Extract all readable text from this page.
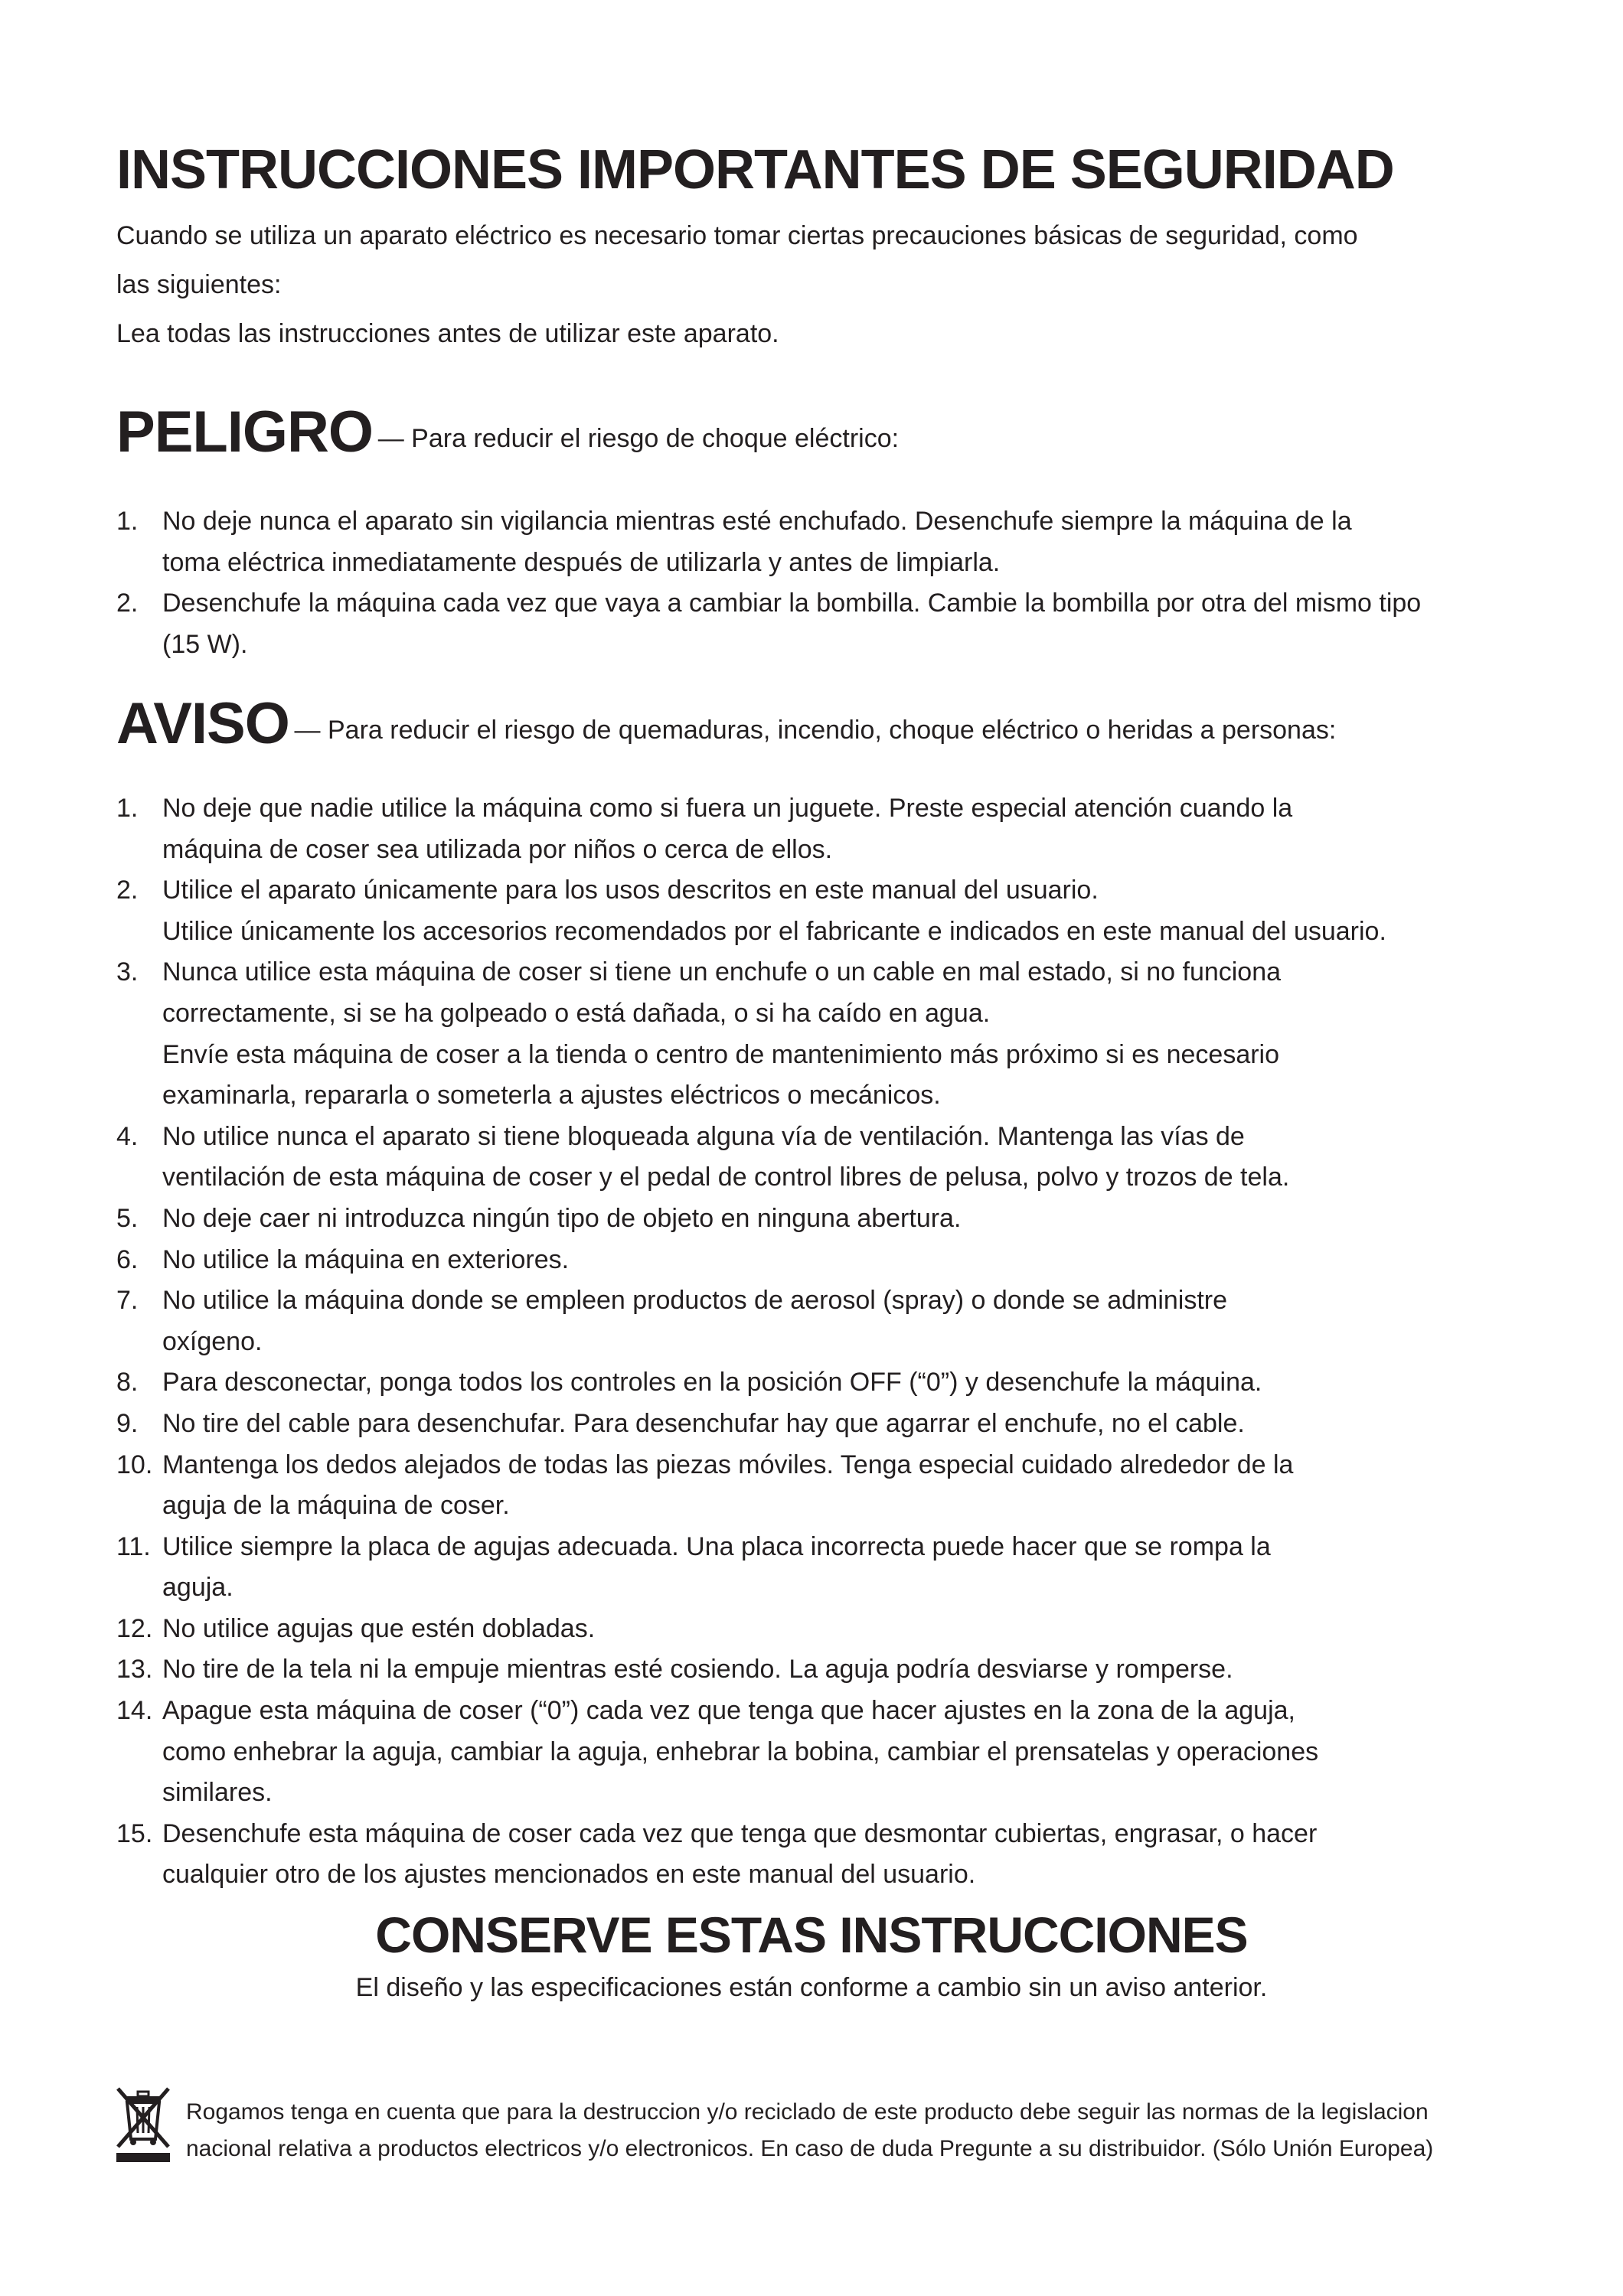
INSTRUCCIONES IMPORTANTES DE SEGURIDAD

Cuando se utiliza un aparato eléctrico es necesario tomar ciertas precauciones básicas de seguridad, como

las siguientes:

Lea todas las instrucciones antes de utilizar este aparato.

PELIGRO — Para reducir el riesgo de choque eléctrico:
1. No deje nunca el aparato sin vigilancia mientras esté enchufado. Desenchufe siempre la máquina de la
toma eléctrica inmediatamente después de utilizarla y antes de limpiarla.
2. Desenchufe la máquina cada vez que vaya a cambiar la bombilla. Cambie la bombilla por otra del mismo tipo
(15 W).
AVISO — Para reducir el riesgo de quemaduras, incendio, choque eléctrico o heridas a personas:
1. No deje que nadie utilice la máquina como si fuera un juguete. Preste especial atención cuando la
máquina de coser sea utilizada por niños o cerca de ellos.
2. Utilice el aparato únicamente para los usos descritos en este manual del usuario.
Utilice únicamente los accesorios recomendados por el fabricante e indicados en este manual del usuario.
3. Nunca utilice esta máquina de coser si tiene un enchufe o un cable en mal estado, si no funciona
correctamente, si se ha golpeado o está dañada, o si ha caído en agua.
Envíe esta máquina de coser a la tienda o centro de mantenimiento más próximo si es necesario
examinarla, repararla o someterla a ajustes eléctricos o mecánicos.
4. No utilice nunca el aparato si tiene bloqueada alguna vía de ventilación. Mantenga las vías de
ventilación de esta máquina de coser y el pedal de control libres de pelusa, polvo y trozos de tela.
5. No deje caer ni introduzca ningún tipo de objeto en ninguna abertura.
6. No utilice la máquina en exteriores.
7. No utilice la máquina donde se empleen productos de aerosol (spray) o donde se administre
oxígeno.
8. Para desconectar, ponga todos los controles en la posición OFF (“0”) y desenchufe la máquina.
9. No tire del cable para desenchufar. Para desenchufar hay que agarrar el enchufe, no el cable.
10. Mantenga los dedos alejados de todas las piezas móviles. Tenga especial cuidado alrededor de la
aguja de la máquina de coser.
11. Utilice siempre la placa de agujas adecuada. Una placa incorrecta puede hacer que se rompa la
aguja.
12. No utilice agujas que estén dobladas.
13. No tire de la tela ni la empuje mientras esté cosiendo. La aguja podría desviarse y romperse.
14. Apague esta máquina de coser (“0”) cada vez que tenga que hacer ajustes en la zona de la aguja,
como enhebrar la aguja, cambiar la aguja, enhebrar la bobina, cambiar el prensatelas y operaciones
similares.
15. Desenchufe esta máquina de coser cada vez que tenga que desmontar cubiertas, engrasar, o hacer
cualquier otro de los ajustes mencionados en este manual del usuario.
CONSERVE ESTAS INSTRUCCIONES

El diseño y las especificaciones están conforme a cambio sin un aviso anterior.

Rogamos tenga en cuenta que para la destruccion y/o reciclado de este producto debe seguir las normas de la legislacion
nacional relativa a productos electricos y/o electronicos. En caso de duda Pregunte a su distribuidor. (Sólo Unión Europea)
